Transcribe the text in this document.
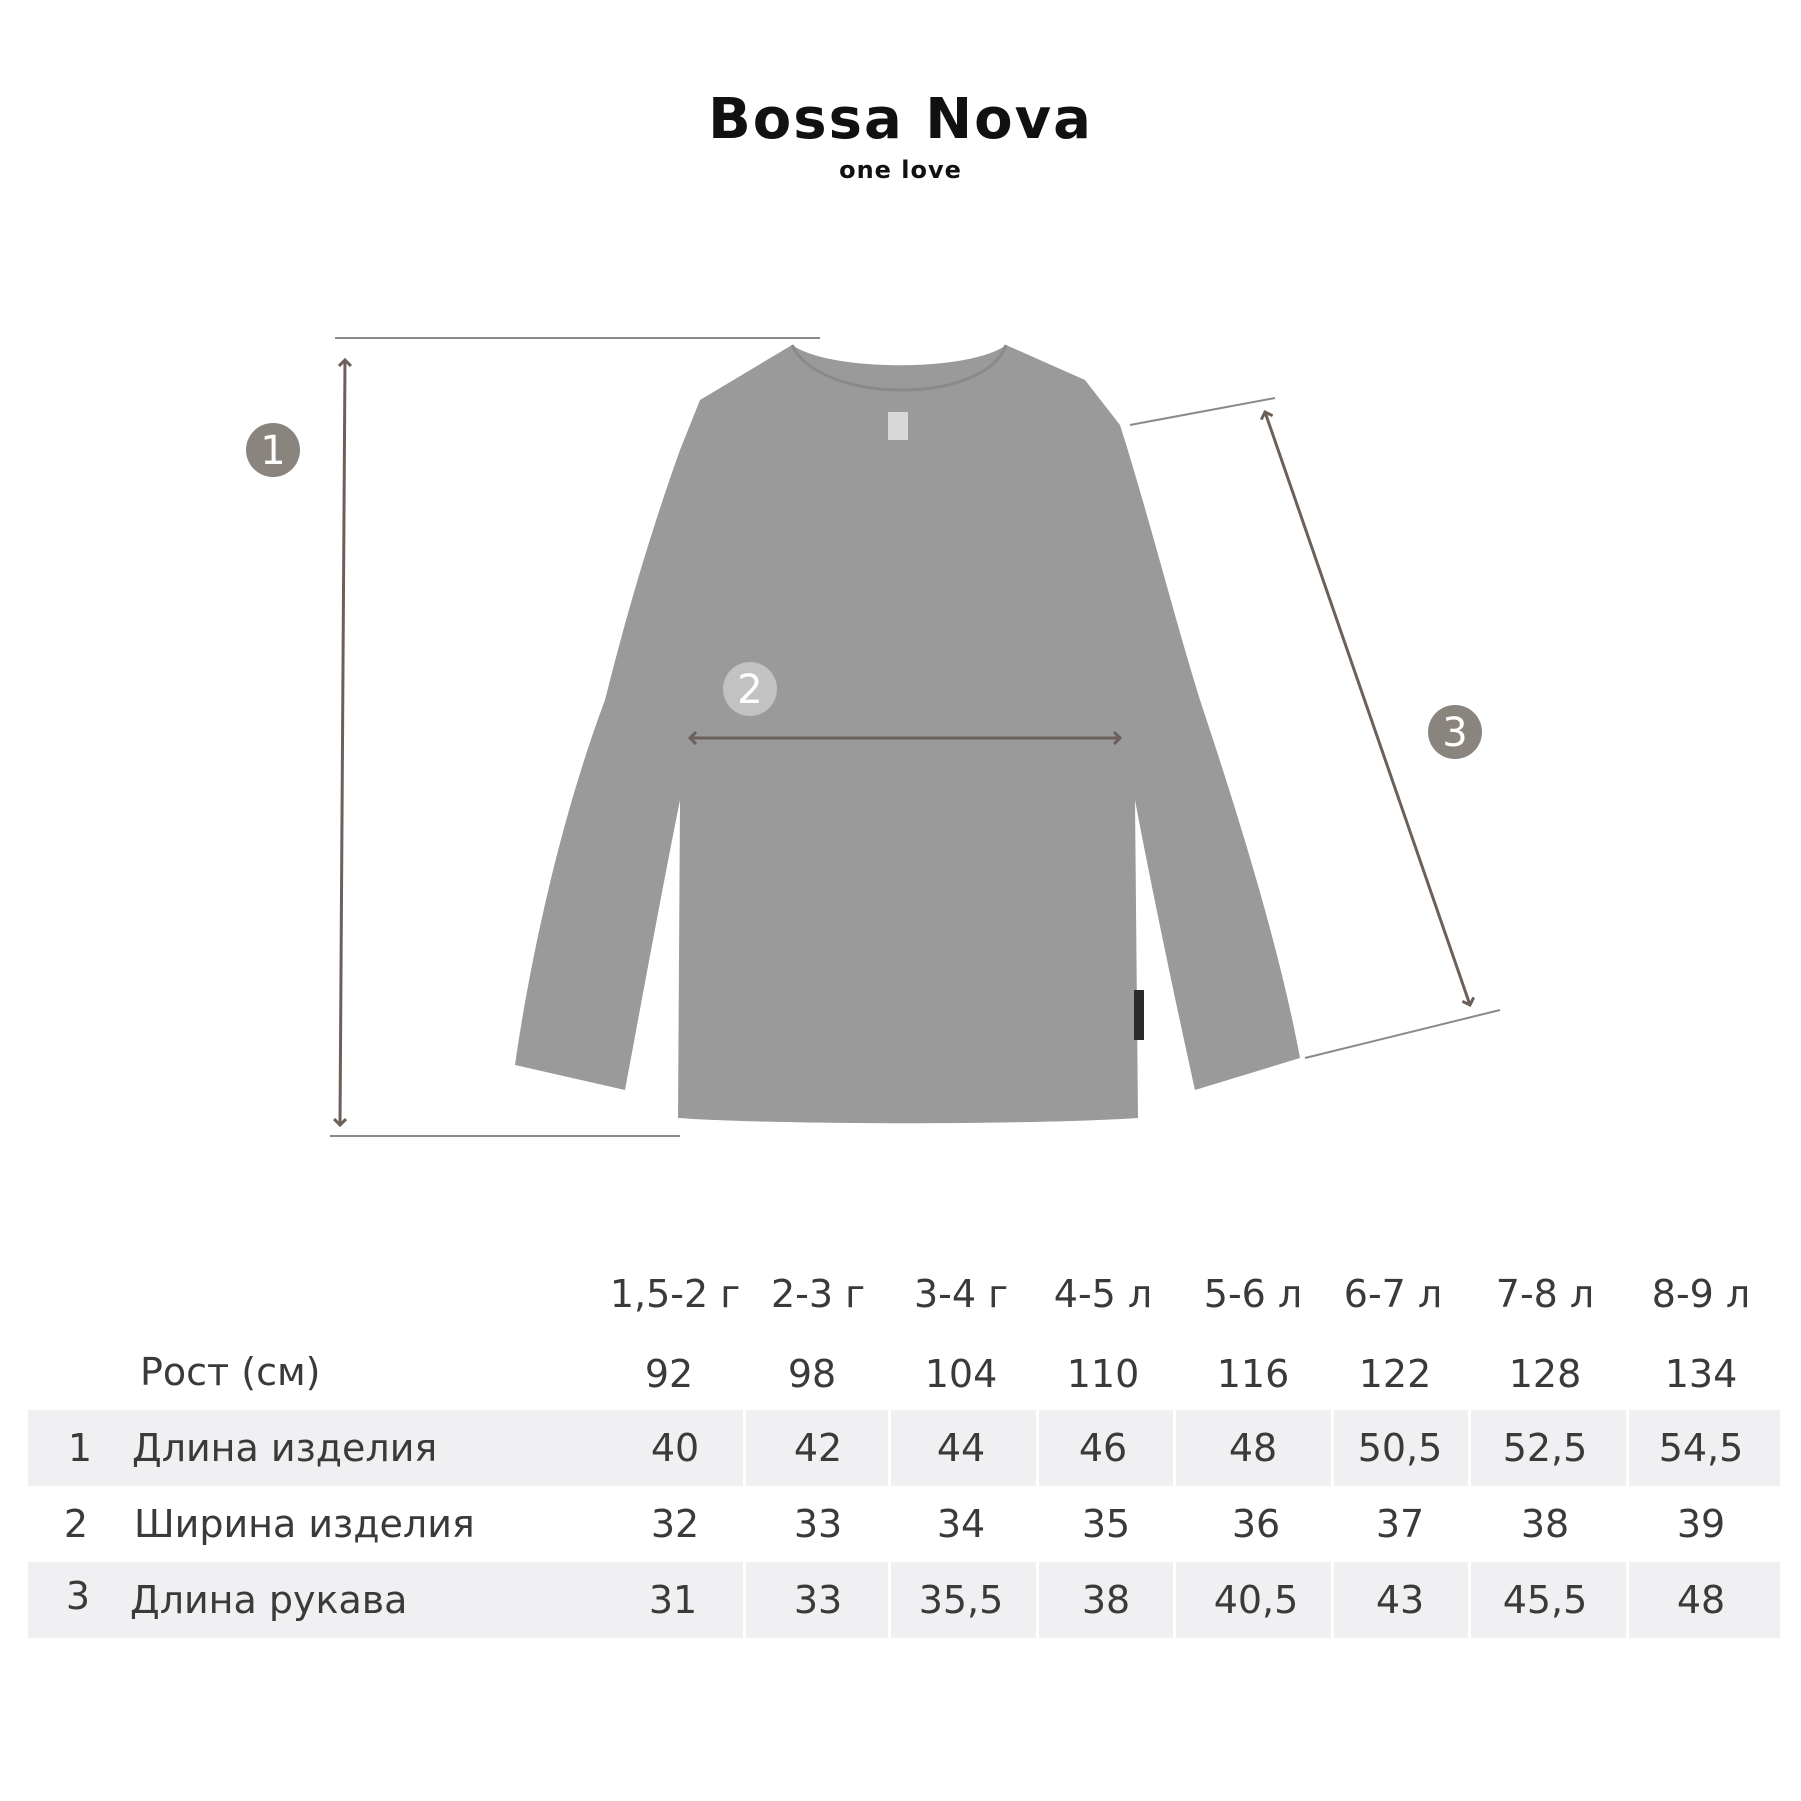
Bossa Nova
one love
1
2
3
1,5-2 г 2-3 г 3-4 г 4-5 л 5-6 л 6-7 л 7-8 л 8-9 л
Рост (см)	92 98 104 110 116 122 128 134
1 Длина изделия	40 42 44 46	48 50,5 52,5 54,5
2 Ширина изделия	32 33 34	35	36	37	38	39
3 Длина рукава	31	33 35,5 38 40,5 43 45,5 48
